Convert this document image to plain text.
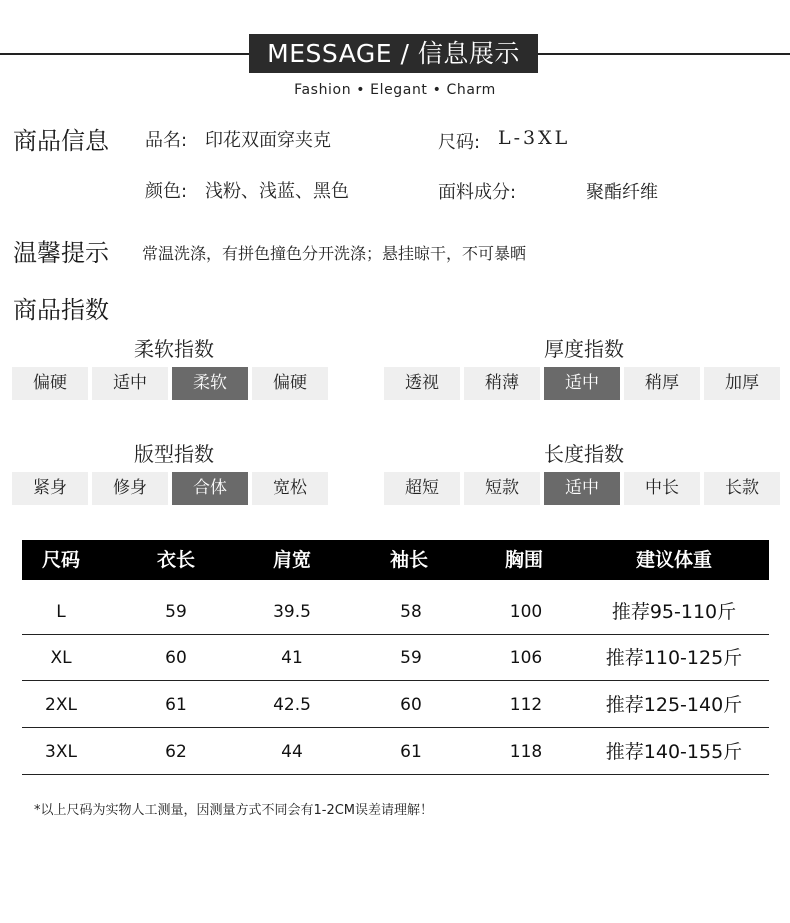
MESSAGE / 信息展示
Fashion • Elegant • Charm
商品信息 品名: 印花双面穿夹克	尺码: L-3XL
颜色: 浅粉、浅蓝、黑色	面料成分:	聚酯纤维
温馨提示 常温洗涤，有拼色撞色分开洗涤；悬挂晾干，不可暴晒
商品指数
柔软指数
偏硬	适中	柔软	偏硬
厚度指数
透视	稍薄	适中	稍厚	加厚
版型指数
紧身	修身	合体	宽松
长度指数
超短	短款	适中	中长	长款
尺码	衣长	肩宽	袖长	胸围	建议体重
L	59	39.5	58	100	推荐95-110斤
XL	60	41	59	106	推荐110-125斤
2XL	61	42.5	60	112	推荐125-140斤
3XL	62	44	61	118	推荐140-155斤
*以上尺码为实物人工测量，因测量方式不同会有1-2CM误差请理解！
